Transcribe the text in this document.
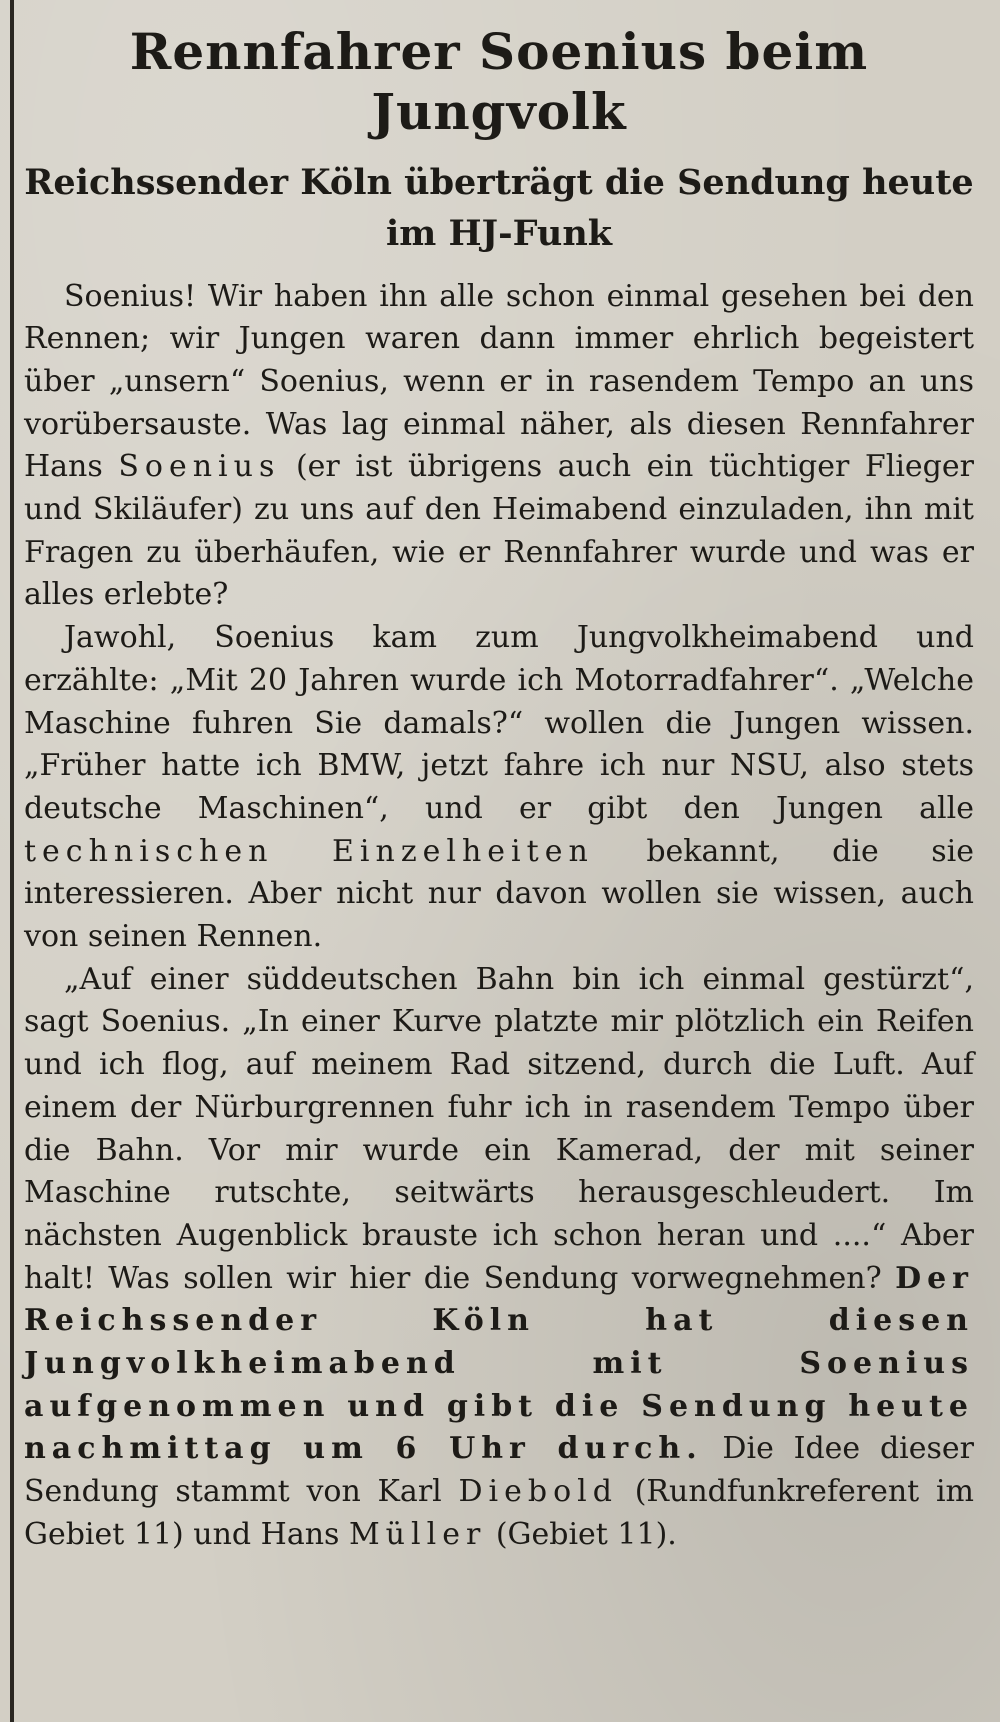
Rennfahrer Soenius beim Jungvolk
Reichssender Köln überträgt die Sendung heute
im HJ-Funk

Soenius! Wir haben ihn alle schon einmal gesehen bei den Rennen; wir Jungen waren dann immer ehrlich begeistert über „unsern“ Soenius, wenn er in rasendem Tempo an uns vorübersauste. Was lag einmal näher, als diesen Rennfahrer Hans Soenius (er ist übrigens auch ein tüchtiger Flieger und Skiläufer) zu uns auf den Heimabend einzuladen, ihn mit Fragen zu überhäufen, wie er Rennfahrer wurde und was er alles erlebte?

Jawohl, Soenius kam zum Jungvolkheimabend und erzählte: „Mit 20 Jahren wurde ich Motorradfahrer“. „Welche Maschine fuhren Sie damals?“ wollen die Jungen wissen. „Früher hatte ich BMW, jetzt fahre ich nur NSU, also stets deutsche Maschinen“, und er gibt den Jungen alle technischen Einzelheiten bekannt, die sie interessieren. Aber nicht nur davon wollen sie wissen, auch von seinen Rennen.

„Auf einer süddeutschen Bahn bin ich einmal gestürzt“, sagt Soenius. „In einer Kurve platzte mir plötzlich ein Reifen und ich flog, auf meinem Rad sitzend, durch die Luft. Auf einem der Nürburgrennen fuhr ich in rasendem Tempo über die Bahn. Vor mir wurde ein Kamerad, der mit seiner Maschine rutschte, seitwärts herausgeschleudert. Im nächsten Augenblick brauste ich schon heran und ....“ Aber halt! Was sollen wir hier die Sendung vorwegnehmen? Der Reichssender Köln hat diesen Jungvolkheimabend mit Soenius aufgenommen und gibt die Sendung heute nachmittag um 6 Uhr durch. Die Idee dieser Sendung stammt von Karl Diebold (Rundfunkreferent im Gebiet 11) und Hans Müller (Gebiet 11).
